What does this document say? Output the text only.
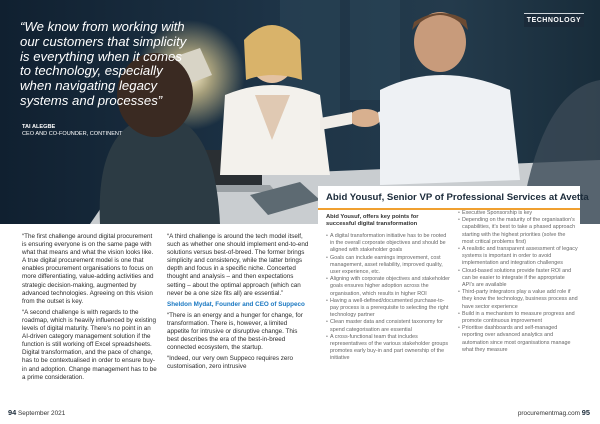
“We know from working with our customers that simplicity is everything when it comes to technology, especially when navigating legacy systems and processes”

TAI ALEGBE
CEO AND CO-FOUNDER, CONTINENT
TECHNOLOGY

“The first challenge around digital procurement is ensuring everyone is on the same page with what that means and what the vision looks like. A true digital procurement model is one that enables procurement organisations to focus on more differentiating, value-adding activities and strategic decision-making, augmented by advanced technologies. Agreeing on this vision from the outset is key.

“A second challenge is with regards to the roadmap, which is heavily influenced by existing levels of digital maturity. There’s no point in an AI-driven category management solution if the function is still working off Excel spreadsheets. Digital transformation, and the pace of change, has to be contextualised in order to ensure buy-in and adoption. Change management has to be a prime consideration.

“A third challenge is around the tech model itself, such as whether one should implement end-to-end solutions versus best-of-breed. The former brings simplicity and consistency, while the latter brings depth and focus in a specific niche. Concerted thought and analysis – and then expectations setting – about the optimal approach (which can never be a one size fits all) are essential.”

Sheldon Mydat, Founder and CEO of Suppeco

“There is an energy and a hunger for change, for transformation. There is, however, a limited appetite for intrusive or disruptive change. This best describes the era of the best-in-breed connected ecosystem, the startup.

“Indeed, our very own Suppeco requires zero customisation, zero intrusive

Abid Yousuf, Senior VP of Professional Services at Avetta
Abid Yousuf, offers key points for successful digital transformation
• A digital transformation initiative has to be rooted in the overall corporate objectives and should be aligned with stakeholder goals
• Goals can include earnings improvement, cost management, asset reliability, improved quality, user experience, etc.
• Aligning with corporate objectives and stakeholder goals ensures higher adoption across the organisation, which results in higher ROI
• Having a well-defined/documented purchase-to-pay process is a prerequisite to selecting the right technology partner
• Clean master data and consistent taxonomy for spend categorisation are essential
• A cross-functional team that includes representatives of the various stakeholder groups promotes early buy-in and part ownership of the initiative
• Executive Sponsorship is key
• Depending on the maturity of the organisation’s capabilities, it’s best to take a phased approach starting with the highest priorities (solve the most critical problems first)
• A realistic and transparent assessment of legacy systems is important in order to avoid implementation and integration challenges
• Cloud-based solutions provide faster ROI and can be easier to integrate if the appropriate API’s are available
• Third-party integrators play a value add role if they know the technology, business process and have sector experience
• Build in a mechanism to measure progress and promote continuous improvement
• Prioritise dashboards and self-managed reporting over advanced analytics and automation since most organisations manage what they measure
94 September 2021	procurementmag.com 95
